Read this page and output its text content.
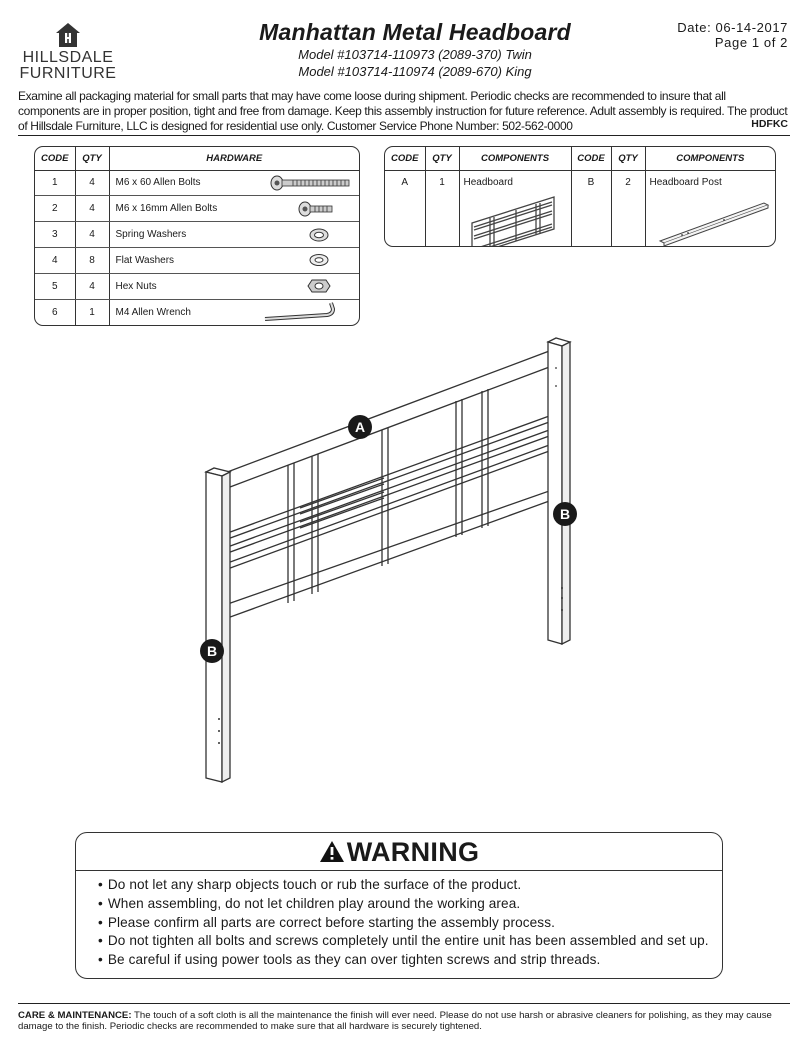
HILLSDALE
FURNITURE
Manhattan Metal Headboard
Model #103714-110973 (2089-370) Twin
Model #103714-110974 (2089-670) King
Date: 06-14-2017
Page 1 of 2
Examine all packaging material for small parts that may have come loose during shipment. Periodic checks are recommended to insure that all components are in proper position, tight and free from damage. Keep this assembly instruction for future reference. Adult assembly is required. The product of Hillsdale Furniture, LLC is designed for residential use only. Customer Service Phone Number: 502-562-0000	HDFKC
CODE	QTY	HARDWARE
1	4	M6 x 60 Allen Bolts

2	4	M6 x 16mm Allen Bolts

3	4	Spring Washers

4	8	Flat Washers

5	4	Hex Nuts

6	1	M4 Allen Wrench
CODE	QTY	COMPONENTS	CODE	QTY	COMPONENTS
A	1	Headboard	B	2	Headboard Post
A
B
B
WARNING
• Do not let any sharp objects touch or rub the surface of the product.
• When assembling, do not let children play around the working area.
• Please confirm all parts are correct before starting the assembly process.
• Do not tighten all bolts and screws completely until the entire unit has been assembled and set up.
• Be careful if using power tools as they can over tighten screws and strip threads.
CARE & MAINTENANCE: The touch of a soft cloth is all the maintenance the finish will ever need. Please do not use harsh or abrasive cleaners for polishing, as they may cause damage to the finish. Periodic checks are recommended to make sure that all hardware is securely tightened.
